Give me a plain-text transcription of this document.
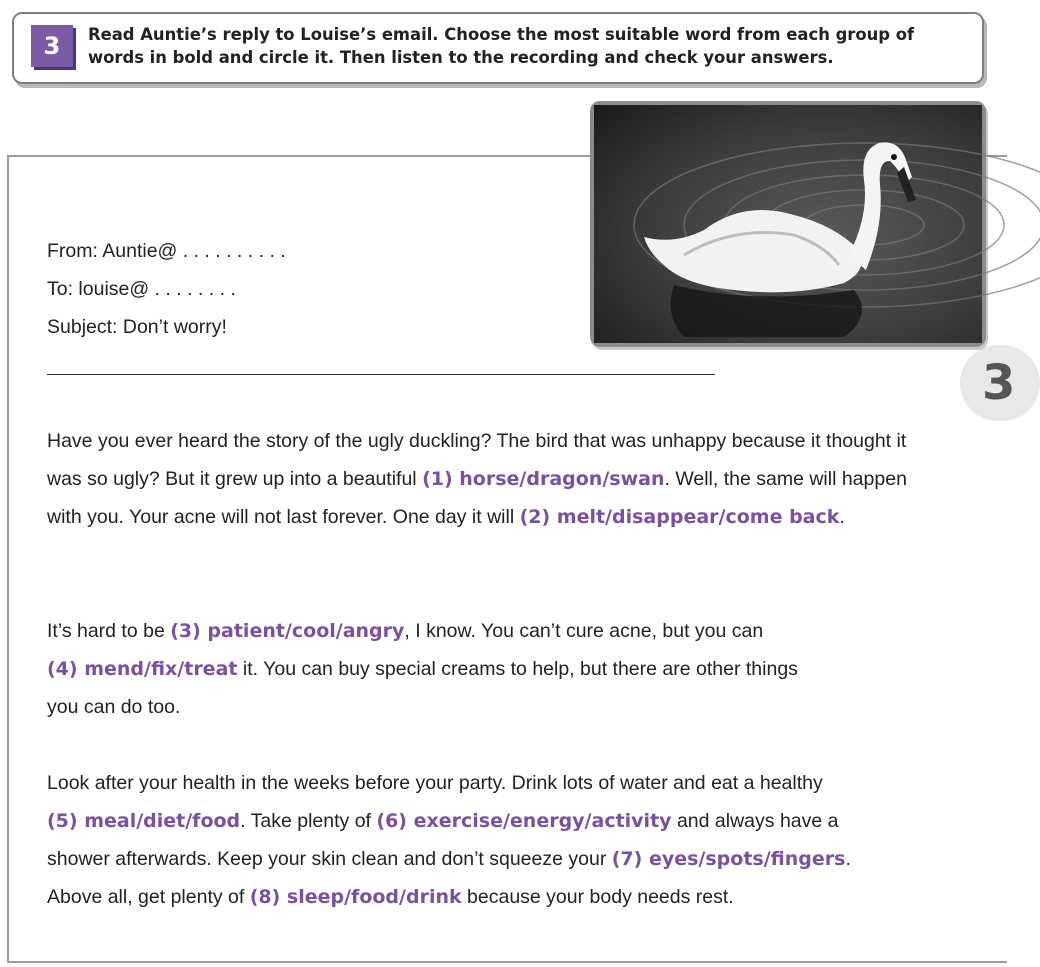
3	Read Auntie’s reply to Louise’s email. Choose the most suitable word from each group of words in bold and circle it. Then listen to the recording and check your answers.
3
From: Auntie@ . . . . . . . . . .
To: louise@ . . . . . . . .
Subject: Don’t worry!

Have you ever heard the story of the ugly duckling? The bird that was unhappy because it thought it was so ugly? But it grew up into a beautiful (1) horse/dragon/swan. Well, the same will happen with you. Your acne will not last forever. One day it will (2) melt/disappear/come back.

It’s hard to be (3) patient/cool/angry, I know. You can’t cure acne, but you can
(4) mend/fix/treat it. You can buy special creams to help, but there are other things
you can do too.

Look after your health in the weeks before your party. Drink lots of water and eat a healthy
(5) meal/diet/food. Take plenty of (6) exercise/energy/activity and always have a
shower afterwards. Keep your skin clean and don’t squeeze your (7) eyes/spots/fingers.
Above all, get plenty of (8) sleep/food/drink because your body needs rest.
